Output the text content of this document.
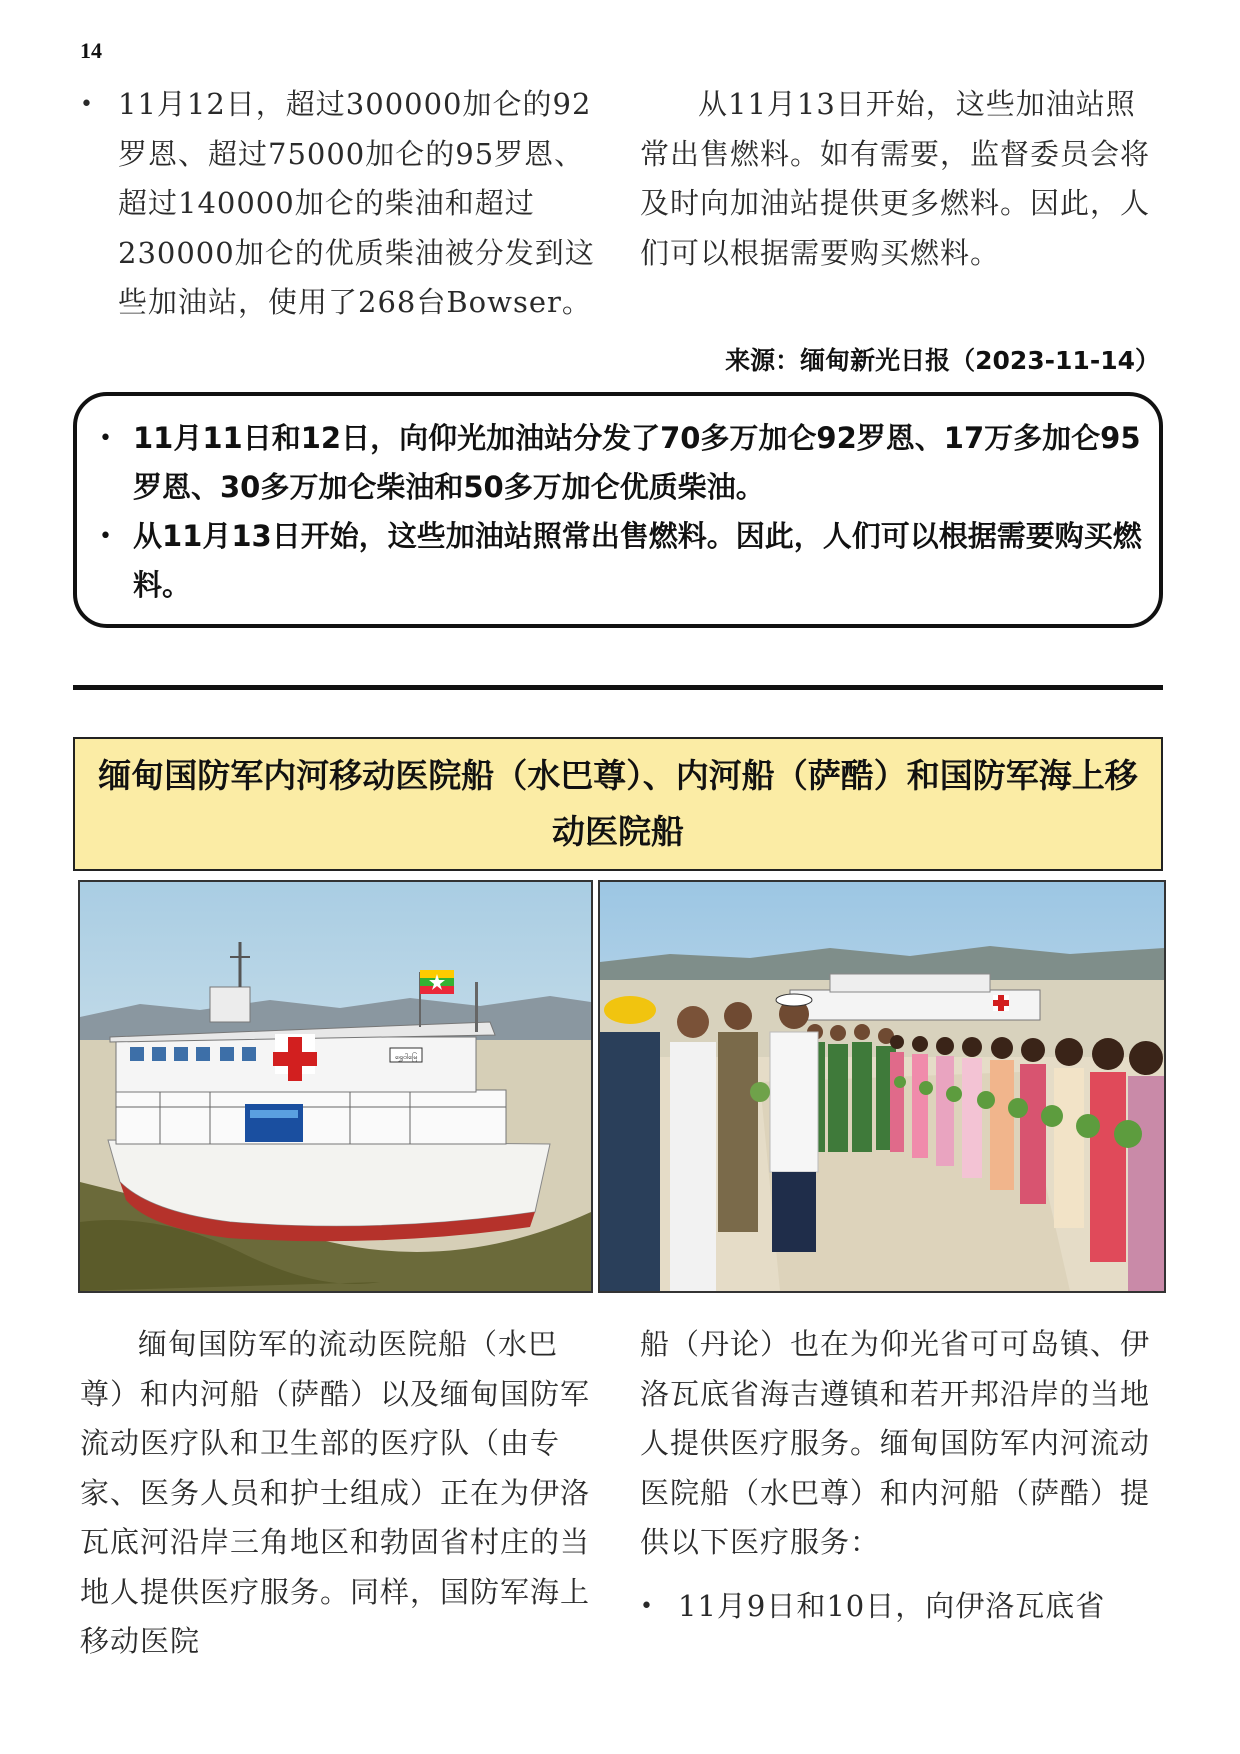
14
• 11月12日，超过300000加仑的92罗恩、超过75000加仑的95罗恩、超过140000加仑的柴油和超过230000加仑的优质柴油被分发到这些加油站，使用了268台Bowser。
从11月13日开始，这些加油站照常出售燃料。如有需要，监督委员会将及时向加油站提供更多燃料。因此，人们可以根据需要购买燃料。
来源：缅甸新光日报（2023-11-14）
• 11月11日和12日，向仰光加油站分发了70多万加仑92罗恩、17万多加仑95罗恩、30多万加仑柴油和50多万加仑优质柴油。
• 从11月13日开始，这些加油站照常出售燃料。因此，人们可以根据需要购买燃料。
缅甸国防军内河移动医院船（水巴尊）、内河船（萨酷）和国防军海上移动医院船
ရွှေဝါမြေ
缅甸国防军的流动医院船（水巴尊）和内河船（萨酷）以及缅甸国防军流动医疗队和卫生部的医疗队（由专家、医务人员和护士组成）正在为伊洛瓦底河沿岸三角地区和勃固省村庄的当地人提供医疗服务。同样，国防军海上移动医院
船（丹论）也在为仰光省可可岛镇、伊洛瓦底省海吉遵镇和若开邦沿岸的当地人提供医疗服务。缅甸国防军内河流动医院船（水巴尊）和内河船（萨酷）提供以下医疗服务：
• 11月9日和10日，向伊洛瓦底省
